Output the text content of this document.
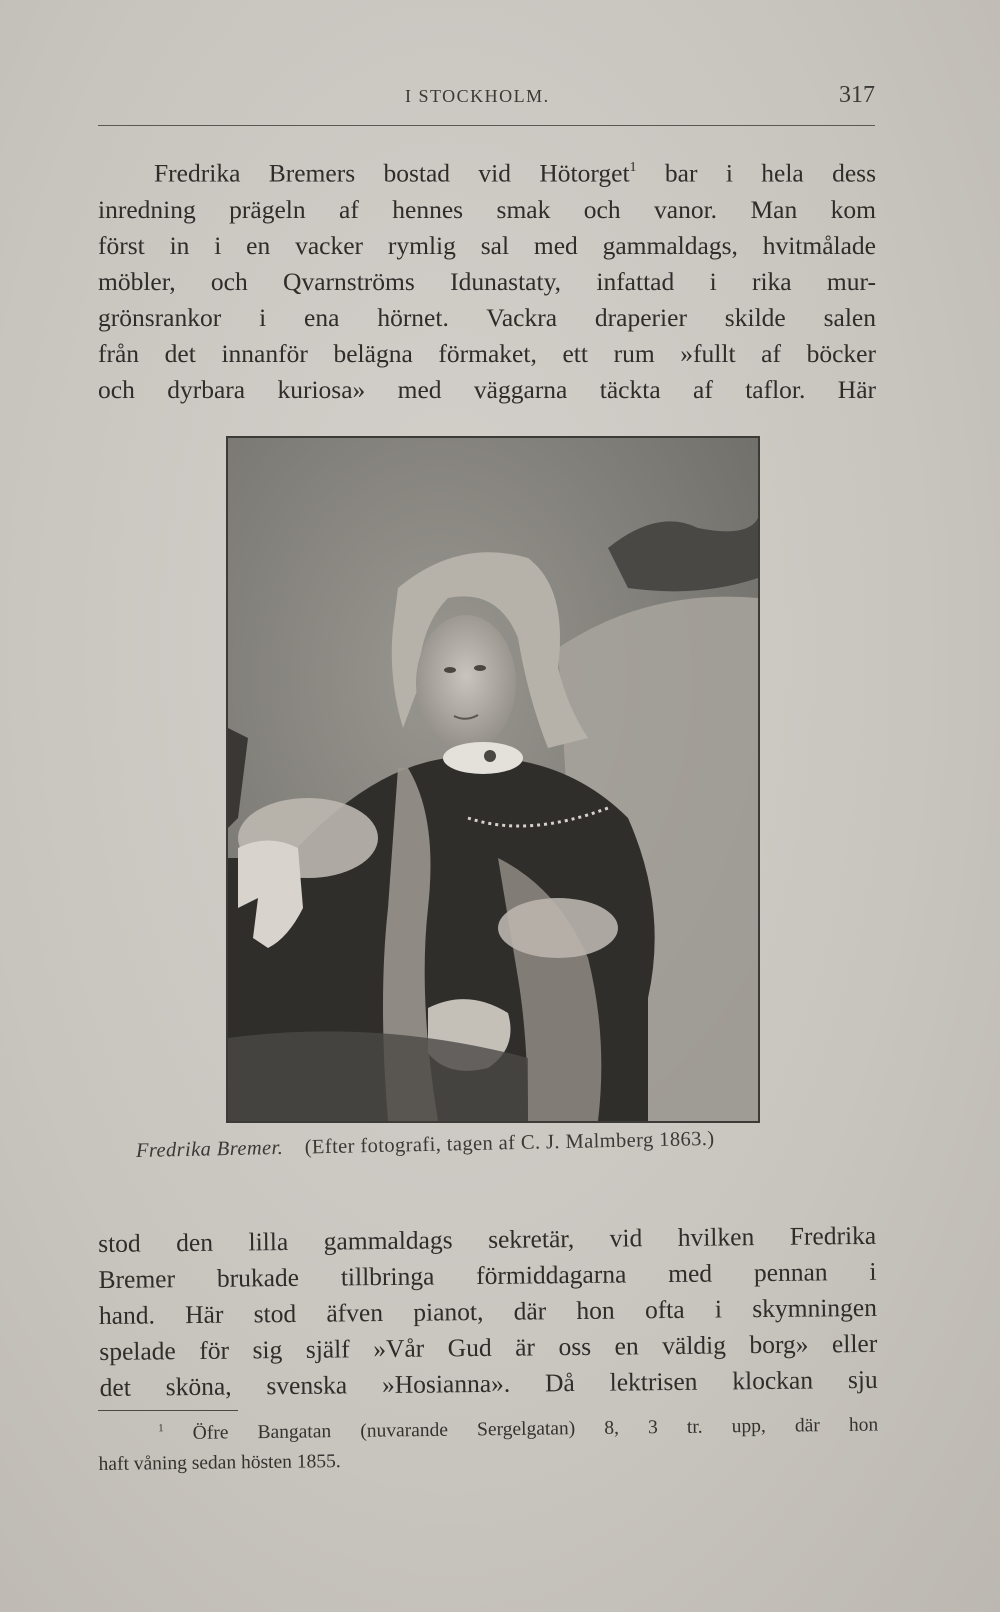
I STOCKHOLM.	317

Fredrika Bremers bostad vid Hötorget$^1$ bar i hela dess
inredning prägeln af hennes smak och vanor. Man kom
först in i en vacker rymlig sal med gammaldags, hvitmålade
möbler, och Qvarnströms Idunastaty, infattad i rika mur-
grönsrankor i ena hörnet. Vackra draperier skilde salen
från det innanför belägna förmaket, ett rum »fullt af böcker
och dyrbara kuriosa» med väggarna täckta af taflor. Här

Fredrika Bremer. (Efter fotografi, tagen af C. J. Malmberg 1863.)

stod den lilla gammaldags sekretär, vid hvilken Fredrika
Bremer brukade tillbringa förmiddagarna med pennan i
hand. Här stod äfven pianot, där hon ofta i skymningen
spelade för sig själf »Vår Gud är oss en väldig borg» eller
det sköna, svenska »Hosianna». Då lektrisen klockan sju

$^1$ Öfre Bangatan (nuvarande Sergelgatan) 8, 3 tr. upp, där hon
haft våning sedan hösten 1855.
